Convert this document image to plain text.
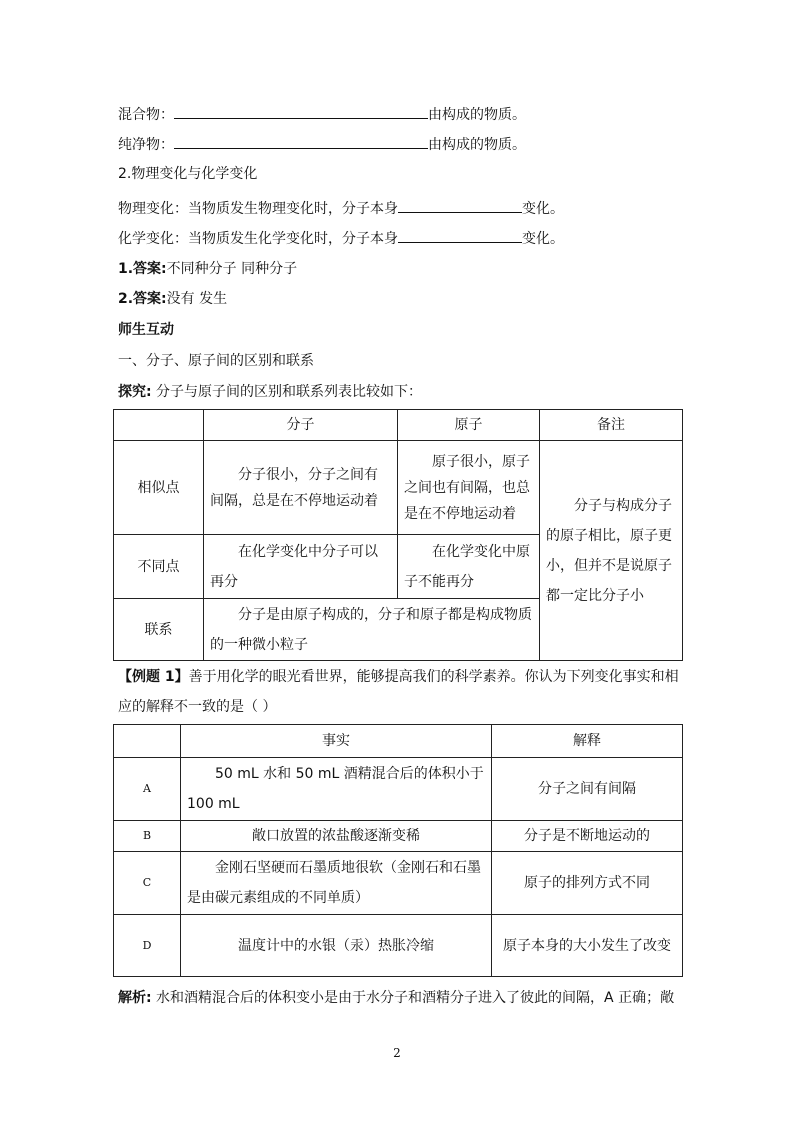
混合物：	由构成的物质。
纯净物：	由构成的物质。
2.物理变化与化学变化
物理变化：当物质发生物理变化时，分子本身	变化。
化学变化：当物质发生化学变化时，分子本身	变化。
1.答案:不同种分子 同种分子
2.答案:没有 发生
师生互动
一、分子、原子间的区别和联系
探究: 分子与原子间的区别和联系列表比较如下：
	分子	原子	备注
相似点	分子很小，分子之间有间隔，总是在不停地运动着	原子很小，原子之间也有间隔，也总是在不停地运动着	分子与构成分子的原子相比，原子更小，但并不是说原子都一定比分子小
不同点	在化学变化中分子可以再分	在化学变化中原子不能再分	
联系	分子是由原子构成的，分子和原子都是构成物质的一种微小粒子		
【例题 1】善于用化学的眼光看世界，能够提高我们的科学素养。你认为下列变化事实和相
应的解释不一致的是（ ）
	事实	解释
A	50 mL 水和 50 mL 酒精混合后的体积小于 100 mL	分子之间有间隔
B	敞口放置的浓盐酸逐渐变稀	分子是不断地运动的
C	金刚石坚硬而石墨质地很软（金刚石和石墨是由碳元素组成的不同单质）	原子的排列方式不同
D	温度计中的水银（汞）热胀冷缩	原子本身的大小发生了改变
解析: 水和酒精混合后的体积变小是由于水分子和酒精分子进入了彼此的间隔，A 正确；敞
2
